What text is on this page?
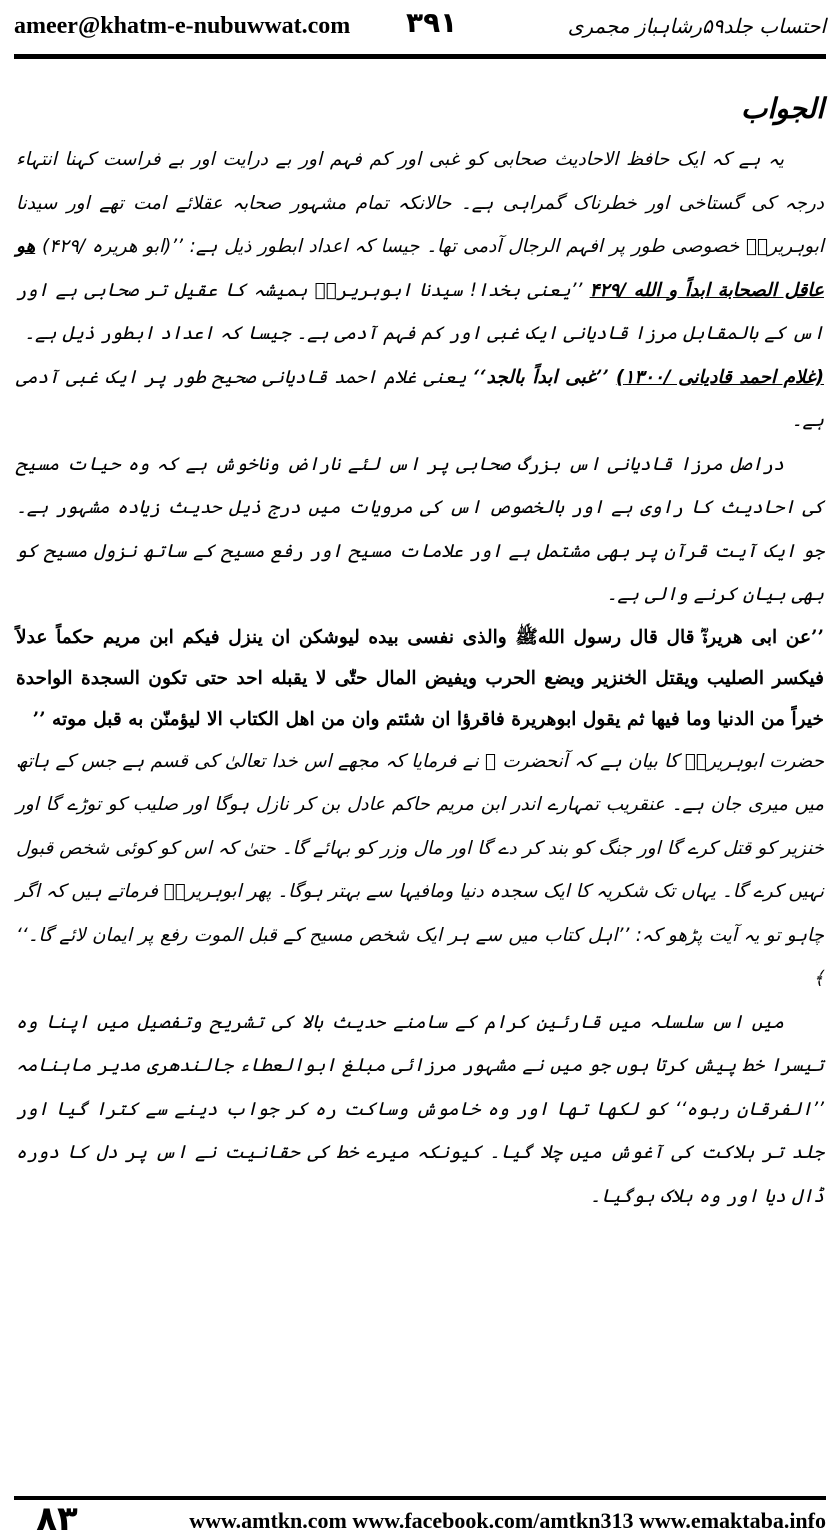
ameer@khatm-e-nubuwwat.com ۳۹۱	احتساب جلد۵۹رشاہباز مجمری
الجواب

یہ ہے کہ ایک حافظ الاحادیث صحابی کو غبی اور کم فہم اور بے درایت اور بے فراست کہنا انتہاء درجہ کی گستاخی اور خطرناک گمراہی ہے۔ حالانکہ تمام مشہور صحابہ عقلائے امت تھے اور سیدنا ابوہریرہؓ خصوصی طور پر افہم الرجال آدمی تھا۔ جیسا کہ اعداد ابطور ذیل ہے: ’’(ابو ھریرہ /۴۲۹) ھو عاقل الصحابة ابداً و الله /۴۲۹ ’’یعنی بخدا! سیدنا ابوہریرہؓ ہمیشہ کا عقیل تر صحابی ہے اور اس کے بالمقابل مرزا قادیانی ایک غبی اور کم فہم آدمی ہے۔ جیسا کہ اعداد ابطور ذیل ہے۔

(غلام احمد قادیانی /۱۳۰۰) ’’غبی ابداً بالجد‘‘ یعنی غلام احمد قادیانی صحیح طور پر ایک غبی آدمی ہے۔

دراصل مرزا قادیانی اس بزرگ صحابی پر اس لئے ناراض وناخوش ہے کہ وہ حیات مسیح کی احادیث کا راوی ہے اور بالخصوص اس کی مرویات میں درج ذیل حدیث زیادہ مشہور ہے۔ جو ایک آیت قرآن پر بھی مشتمل ہے اور علامات مسیح اور رفع مسیح کے ساتھ نزول مسیح کو بھی بیان کرنے والی ہے۔

’’عن ابی هریرةؓ قال قال رسول اللهﷺ والذی نفسی بیده لیوشکن ان ینزل فیکم ابن مریم حکماً عدلاً فیکسر الصلیب ویقتل الخنزیر ویضع الحرب ویفیض المال حتّٰی لا یقبله احد حتی تکون السجدة الواحدة خیراً من الدنیا وما فیها ثم یقول ابوهریرة فاقرؤا ان شئتم وان من اهل الکتاب الا لیؤمنّن به قبل موته ’’

حضرت ابوہریرہؓ کا بیان ہے کہ آنحضرت ﷺ نے فرمایا کہ مجھے اس خدا تعالیٰ کی قسم ہے جس کے ہاتھ میں میری جان ہے۔ عنقریب تمہارے اندر ابن مریم حاکم عادل بن کر نازل ہوگا اور صلیب کو توڑے گا اور خنزیر کو قتل کرے گا اور جنگ کو بند کر دے گا اور مال وزر کو بہائے گا۔ حتیٰ کہ اس کو کوئی شخص قبول نہیں کرے گا۔ یہاں تک شکریہ کا ایک سجدہ دنیا ومافیہا سے بہتر ہوگا۔ پھر ابوہریرہؓ فرماتے ہیں کہ اگر چاہو تو یہ آیت پڑھو کہ: ’’اہل کتاب میں سے ہر ایک شخص مسیح کے قبل الموت رفع پر ایمان لائے گا۔‘‘ ﴾

میں اس سلسلہ میں قارئین کرام کے سامنے حدیث بالا کی تشریح وتفصیل میں اپنا وہ تیسرا خط پیش کرتا ہوں جو میں نے مشہور مرزائی مبلغ ابوالعطاء جالندھری مدیر ماہنامہ ’’الفرقان ربوہ‘‘ کو لکھا تھا اور وہ خاموش وساکت رہ کر جواب دینے سے کترا گیا اور جلد تر ہلاکت کی آغوش میں چلا گیا۔ کیونکہ میرے خط کی حقانیت نے اس پر دل کا دورہ ڈال دیا اور وہ ہلاک ہوگیا۔

۸۳	www.amtkn.com www.facebook.com/amtkn313 www.emaktaba.info
